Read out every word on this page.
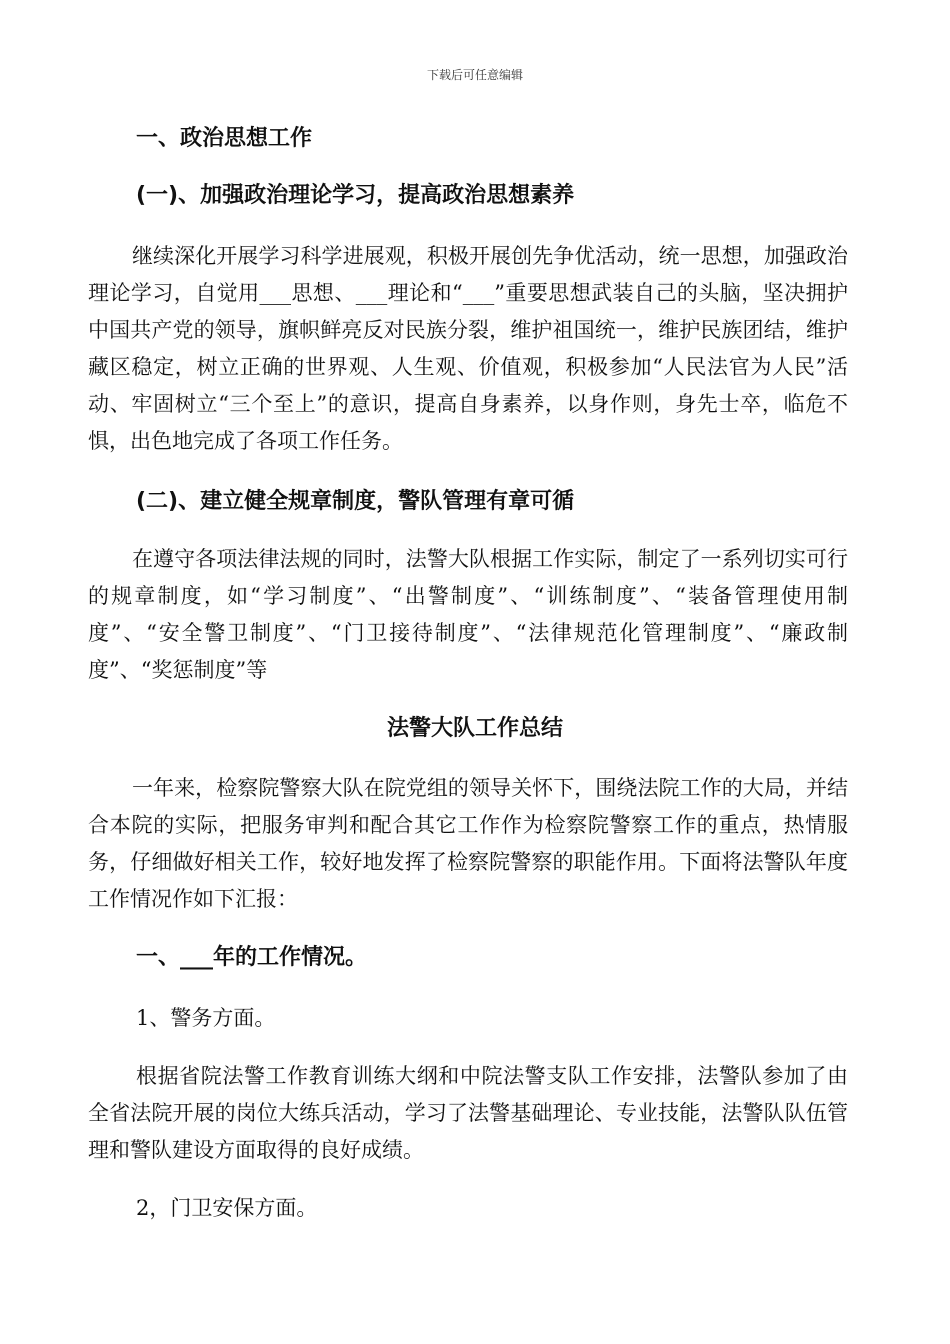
下载后可任意编辑
一、政治思想工作
(一)、加强政治理论学习，提高政治思想素养
继续深化开展学习科学进展观，积极开展创先争优活动，统一思想，加强政治理论学习，自觉用___思想、___理论和“___”重要思想武装自己的头脑，坚决拥护中国共产党的领导，旗帜鲜亮反对民族分裂，维护祖国统一，维护民族团结，维护藏区稳定，树立正确的世界观、人生观、价值观，积极参加“人民法官为人民”活动、牢固树立“三个至上”的意识，提高自身素养，以身作则，身先士卒，临危不惧，出色地完成了各项工作任务。
(二)、建立健全规章制度，警队管理有章可循
在遵守各项法律法规的同时，法警大队根据工作实际，制定了一系列切实可行的规章制度，如“学习制度”、“出警制度”、“训练制度”、“装备管理使用制度”、“安全警卫制度”、“门卫接待制度”、“法律规范化管理制度”、“廉政制度”、“奖惩制度”等
法警大队工作总结
一年来，检察院警察大队在院党组的领导关怀下，围绕法院工作的大局，并结合本院的实际，把服务审判和配合其它工作作为检察院警察工作的重点，热情服务，仔细做好相关工作，较好地发挥了检察院警察的职能作用。下面将法警队年度工作情况作如下汇报：
一、___年的工作情况。
1、警务方面。
根据省院法警工作教育训练大纲和中院法警支队工作安排，法警队参加了由全省法院开展的岗位大练兵活动，学习了法警基础理论、专业技能，法警队队伍管理和警队建设方面取得的良好成绩。
2，门卫安保方面。
